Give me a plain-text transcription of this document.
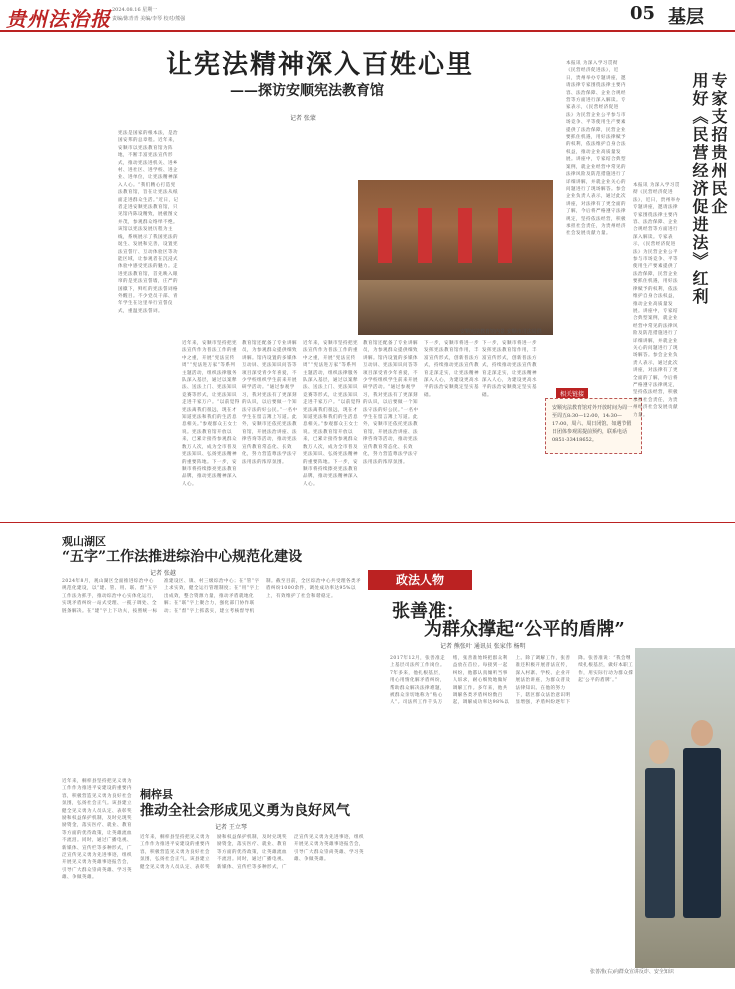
贵州法治报 2024.08.16 星期一
责编/陈青青 美编/李琴 校对/熊强	05 基层
让宪法精神深入百姓心里
——探访安顺宪法教育馆
记者 张蒙
宪法是国家的根本法，是治国安邦的总章程。近年来，安顺市以宪法教育馆为阵地，不断丰富宪法宣传形式，推动宪法进机关、进乡村、进社区、进学校、进企业、进单位，让宪法精神深入人心。“我们精心打造宪法教育馆，旨在让宪法从纸面走进群众生活。”近日，记者走进安顺宪法教育馆，只见馆内陈设精致，展板图文并茂，参观群众络绎不绝。该馆以宪法发展历程为主线，系统展示了我国宪法的诞生、发展和完善，设置宪法宣誓厅、互动体验区等功能区域，让参观者在沉浸式体验中感受宪法的魅力。走进宪法教育馆，首先映入眼帘的是宪法宣誓墙，庄严的国徽下，鲜红的宪法誓词格外醒目。不少党员干部、青年学生在这里举行宣誓仪式，重温宪法誓词。
近年来，安顺市坚持把宪法宣传作为普法工作的重中之重，开展“宪法宣传周”“宪法进万家”等系列主题活动，组织法律服务队深入基层，通过以案释法、送法上门、宪法知识竞赛等形式，让宪法知识走进千家万户。“以前觉得宪法离我们很远，现在才知道宪法和我们的生活息息相关。”参观群众王女士说。宪法教育馆开放以来，已累计接待参观群众数万人次，成为全市普及宪法知识、弘扬宪法精神的重要阵地。下一步，安顺市将持续擦亮宪法教育品牌，推动宪法精神深入人心。
教育馆还配备了专业讲解员，为参观群众提供细致讲解。馆内设置的多媒体互动屏、宪法知识问答等项目深受青少年喜爱，不少学校组织学生前来开展研学活动。“通过参观学习，我对宪法有了更深刻的认识，以后要做一个知法守法的好公民。”一名中学生在留言簿上写道。此外，安顺市还依托宪法教育馆，开展法治讲座、法律咨询等活动，推动宪法宣传教育常态化、长效化，努力营造尊法学法守法用法的浓厚氛围。
近年来，安顺市坚持把宪法宣传作为普法工作的重中之重，开展“宪法宣传周”“宪法进万家”等系列主题活动，组织法律服务队深入基层，通过以案释法、送法上门、宪法知识竞赛等形式，让宪法知识走进千家万户。“以前觉得宪法离我们很远，现在才知道宪法和我们的生活息息相关。”参观群众王女士说。宪法教育馆开放以来，已累计接待参观群众数万人次，成为全市普及宪法知识、弘扬宪法精神的重要阵地。下一步，安顺市将持续擦亮宪法教育品牌，推动宪法精神深入人心。
教育馆还配备了专业讲解员，为参观群众提供细致讲解。馆内设置的多媒体互动屏、宪法知识问答等项目深受青少年喜爱，不少学校组织学生前来开展研学活动。“通过参观学习，我对宪法有了更深刻的认识，以后要做一个知法守法的好公民。”一名中学生在留言簿上写道。此外，安顺市还依托宪法教育馆，开展法治讲座、法律咨询等活动，推动宪法宣传教育常态化、长效化，努力营造尊法学法守法用法的浓厚氛围。
下一步，安顺市将进一步发挥宪法教育馆作用，丰富宣传形式，创新普法方式，持续推动宪法宣传教育走深走实，让宪法精神深入人心，为建设更高水平的法治安顺奠定坚实基础。
下一步，安顺市将进一步发挥宪法教育馆作用，丰富宣传形式，创新普法方式，持续推动宪法宣传教育走深走实，让宪法精神深入人心，为建设更高水平的法治安顺奠定坚实基础。
安顺宪法教育馆内景 安顺市司法局供
相关链接
安顺宪法教育馆对外开放时间为周一至周五8:30—12:00，14:30—17:00，周六、周日闭馆。如遇节假日团体参观需提前预约，联系电话0851-33418652。
专家支招贵州民企
用好《民营经济促进法》红利
本报讯 为深入学习贯彻《民营经济促进法》，近日，贵州举办专题讲座，邀请法律专家围绕法律主要内容、法治保障、企业合规经营等方面进行深入解读。专家表示，《民营经济促进法》为民营企业公平参与市场竞争、平等使用生产要素提供了法治保障，民营企业要抓住机遇，用好法律赋予的权利，依法维护自身合法权益，推动企业高质量发展。讲座中，专家结合典型案例，就企业经营中常见的法律风险及防范措施进行了详细讲解，并就企业关心的问题进行了现场解答。参会企业负责人表示，通过此次讲座，对法律有了更全面的了解，今后将严格遵守法律规定，坚持依法经营，积极承担社会责任，为贵州经济社会发展贡献力量。
本报讯 为深入学习贯彻《民营经济促进法》，近日，贵州举办专题讲座，邀请法律专家围绕法律主要内容、法治保障、企业合规经营等方面进行深入解读。专家表示，《民营经济促进法》为民营企业公平参与市场竞争、平等使用生产要素提供了法治保障，民营企业要抓住机遇，用好法律赋予的权利，依法维护自身合法权益，推动企业高质量发展。讲座中，专家结合典型案例，就企业经营中常见的法律风险及防范措施进行了详细讲解，并就企业关心的问题进行了现场解答。参会企业负责人表示，通过此次讲座，对法律有了更全面的了解，今后将严格遵守法律规定，坚持依法经营，积极承担社会责任，为贵州经济社会发展贡献力量。
观山湖区
“五字”工作法推进综治中心规范化建设
记者 张越
2024年8月，观山湖区全面推进综治中心规范化建设，以“建、管、用、联、督”五字工作法为抓手，推动综治中心实体化运行，实现矛盾纠纷一站式受理、一揽子调处、全链条解决。在“建”字上下功夫，按照统一标准建设区、镇、村三级综治中心；在“管”字上求实效，健全运行管理制度；在“用”字上出成效，整合资源力量，推动矛盾就地化解；在“联”字上聚合力，强化部门协作联动；在“督”字上抓落实，建立考核督导机制。截至目前，全区综治中心共受理各类矛盾纠纷1000余件，调处成功率达95%以上，有效维护了社会和谐稳定。
桐梓县
推动全社会形成见义勇为良好风气
记者 王立琴
近年来，桐梓县坚持把见义勇为工作作为推进平安建设的重要内容，积极营造见义勇为良好社会氛围，弘扬社会正气。该县建立健全见义勇为人员认定、表彰奖励和权益保护机制，及时兑现奖励资金，落实医疗、就业、教育等方面的优待政策，让英雄流血不流泪。同时，通过广播电视、新媒体、宣传栏等多种形式，广泛宣传见义勇为先进事迹，组织开展见义勇为英雄事迹报告会，引导广大群众崇尚英雄、学习英雄、争做英雄。
近年来，桐梓县坚持把见义勇为工作作为推进平安建设的重要内容，积极营造见义勇为良好社会氛围，弘扬社会正气。该县建立健全见义勇为人员认定、表彰奖励和权益保护机制，及时兑现奖励资金，落实医疗、就业、教育等方面的优待政策，让英雄流血不流泪。同时，通过广播电视、新媒体、宣传栏等多种形式，广泛宣传见义勇为先进事迹，组织开展见义勇为英雄事迹报告会，引导广大群众崇尚英雄、学习英雄、争做英雄。
政法人物
张善准：
为群众撑起“公平的盾牌”
记者 熊张叶 通讯员 张家伟 杨明
2017年12月，张善准走上基层司法所工作岗位。7年多来，他扎根基层，用心用情化解矛盾纠纷，帮助群众解决法律难题，被群众亲切地称为“贴心人”。司法所工作千头万绪，张善准始终把群众利益放在首位。每接到一起纠纷，他都认真倾听当事人诉求，耐心细致地做好调解工作。多年来，他共调解各类矛盾纠纷数百起，调解成功率达98%以上。除了调解工作，张善准还积极开展普法宣传，深入村寨、学校、企业开展法治讲座，为群众普及法律知识。在他的努力下，辖区群众法治意识明显增强，矛盾纠纷逐年下降。张善准说：“我会继续扎根基层，做好本职工作，用实际行动为群众撑起‘公平的盾牌’。”
张善准(右)向群众宣讲反诈、安全知识
